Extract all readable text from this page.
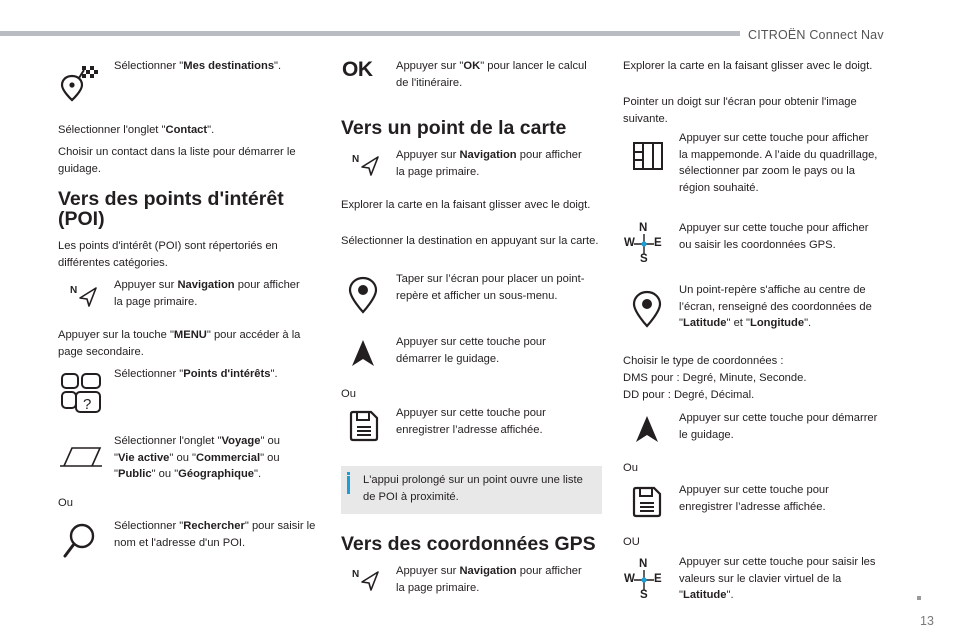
CITROËN Connect Nav
Sélectionner "Mes destinations".
Sélectionner l'onglet "Contact".
Choisir un contact dans la liste pour démarrer le guidage.
Vers des points d'intérêt (POI)
Les points d'intérêt (POI) sont répertoriés en différentes catégories.
N	Appuyer sur Navigation pour afficher la page primaire.
Appuyer sur la touche "MENU" pour accéder à la page secondaire.
?
Sélectionner "Points d'intérêts".
Sélectionner l'onglet "Voyage" ou
"Vie active" ou "Commercial" ou
"Public" ou "Géographique".
Ou
Sélectionner "Rechercher" pour saisir le nom et l'adresse d'un POI.
OK Appuyer sur "OK" pour lancer le calcul de l'itinéraire.
Vers un point de la carte
N	Appuyer sur Navigation pour afficher la page primaire.
Explorer la carte en la faisant glisser avec le doigt.
Sélectionner la destination en appuyant sur la carte.
Taper sur l’écran pour placer un point-repère et afficher un sous-menu.
Appuyer sur cette touche pour démarrer le guidage.
Ou
Appuyer sur cette touche pour enregistrer l’adresse affichée.
L'appui prolongé sur un point ouvre une liste de POI à proximité.
Vers des coordonnées GPS
N	Appuyer sur Navigation pour afficher la page primaire.
Explorer la carte en la faisant glisser avec le doigt.
Pointer un doigt sur l'écran pour obtenir l'image suivante.
Appuyer sur cette touche pour afficher la mappemonde. A l’aide du quadrillage, sélectionner par zoom le pays ou la région souhaité.
N
W E
S
Appuyer sur cette touche pour afficher ou saisir les coordonnées GPS.
Un point-repère s'affiche au centre de l’écran, renseigné des coordonnées de "Latitude" et "Longitude".
Choisir le type de coordonnées :
DMS pour : Degré, Minute, Seconde.
DD pour : Degré, Décimal.
Appuyer sur cette touche pour démarrer le guidage.
Ou
Appuyer sur cette touche pour enregistrer l’adresse affichée.
OU
N
W E
S
Appuyer sur cette touche pour saisir les valeurs sur le clavier virtuel de la "Latitude".
13
